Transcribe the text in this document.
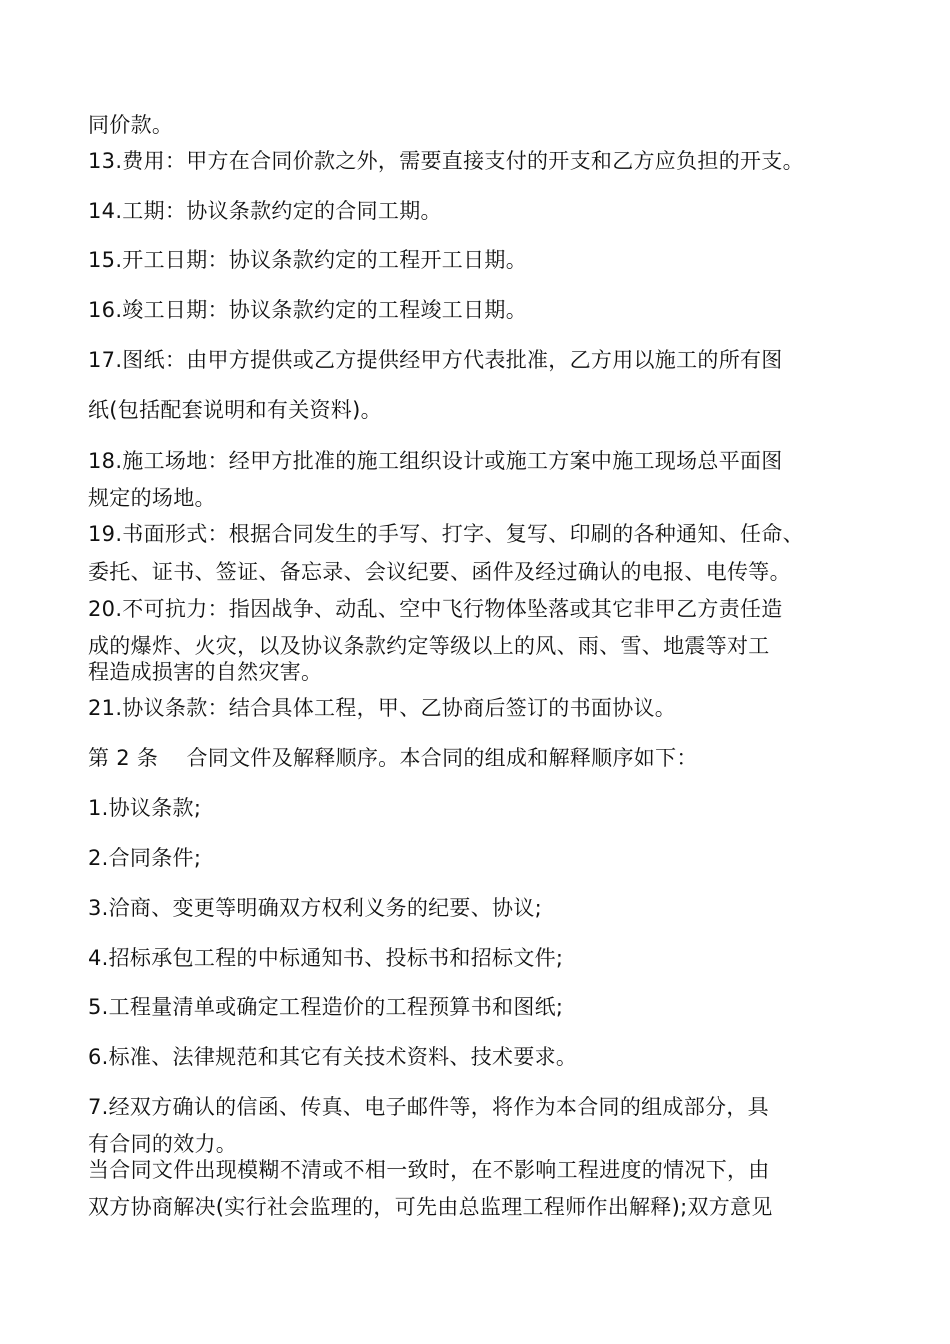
同价款。
13.费用：甲方在合同价款之外，需要直接支付的开支和乙方应负担的开支。
14.工期：协议条款约定的合同工期。
15.开工日期：协议条款约定的工程开工日期。
16.竣工日期：协议条款约定的工程竣工日期。
17.图纸：由甲方提供或乙方提供经甲方代表批准，乙方用以施工的所有图
纸(包括配套说明和有关资料)。
18.施工场地：经甲方批准的施工组织设计或施工方案中施工现场总平面图
规定的场地。
19.书面形式：根据合同发生的手写、打字、复写、印刷的各种通知、任命、
委托、证书、签证、备忘录、会议纪要、函件及经过确认的电报、电传等。
20.不可抗力：指因战争、动乱、空中飞行物体坠落或其它非甲乙方责任造
成的爆炸、火灾，以及协议条款约定等级以上的风、雨、雪、地震等对工
程造成损害的自然灾害。
21.协议条款：结合具体工程，甲、乙协商后签订的书面协议。
第 2 条　 合同文件及解释顺序。本合同的组成和解释顺序如下：
1.协议条款;
2.合同条件;
3.洽商、变更等明确双方权利义务的纪要、协议;
4.招标承包工程的中标通知书、投标书和招标文件;
5.工程量清单或确定工程造价的工程预算书和图纸;
6.标准、法律规范和其它有关技术资料、技术要求。
7.经双方确认的信函、传真、电子邮件等，将作为本合同的组成部分，具
有合同的效力。
当合同文件出现模糊不清或不相一致时，在不影响工程进度的情况下，由
双方协商解决(实行社会监理的，可先由总监理工程师作出解释);双方意见
